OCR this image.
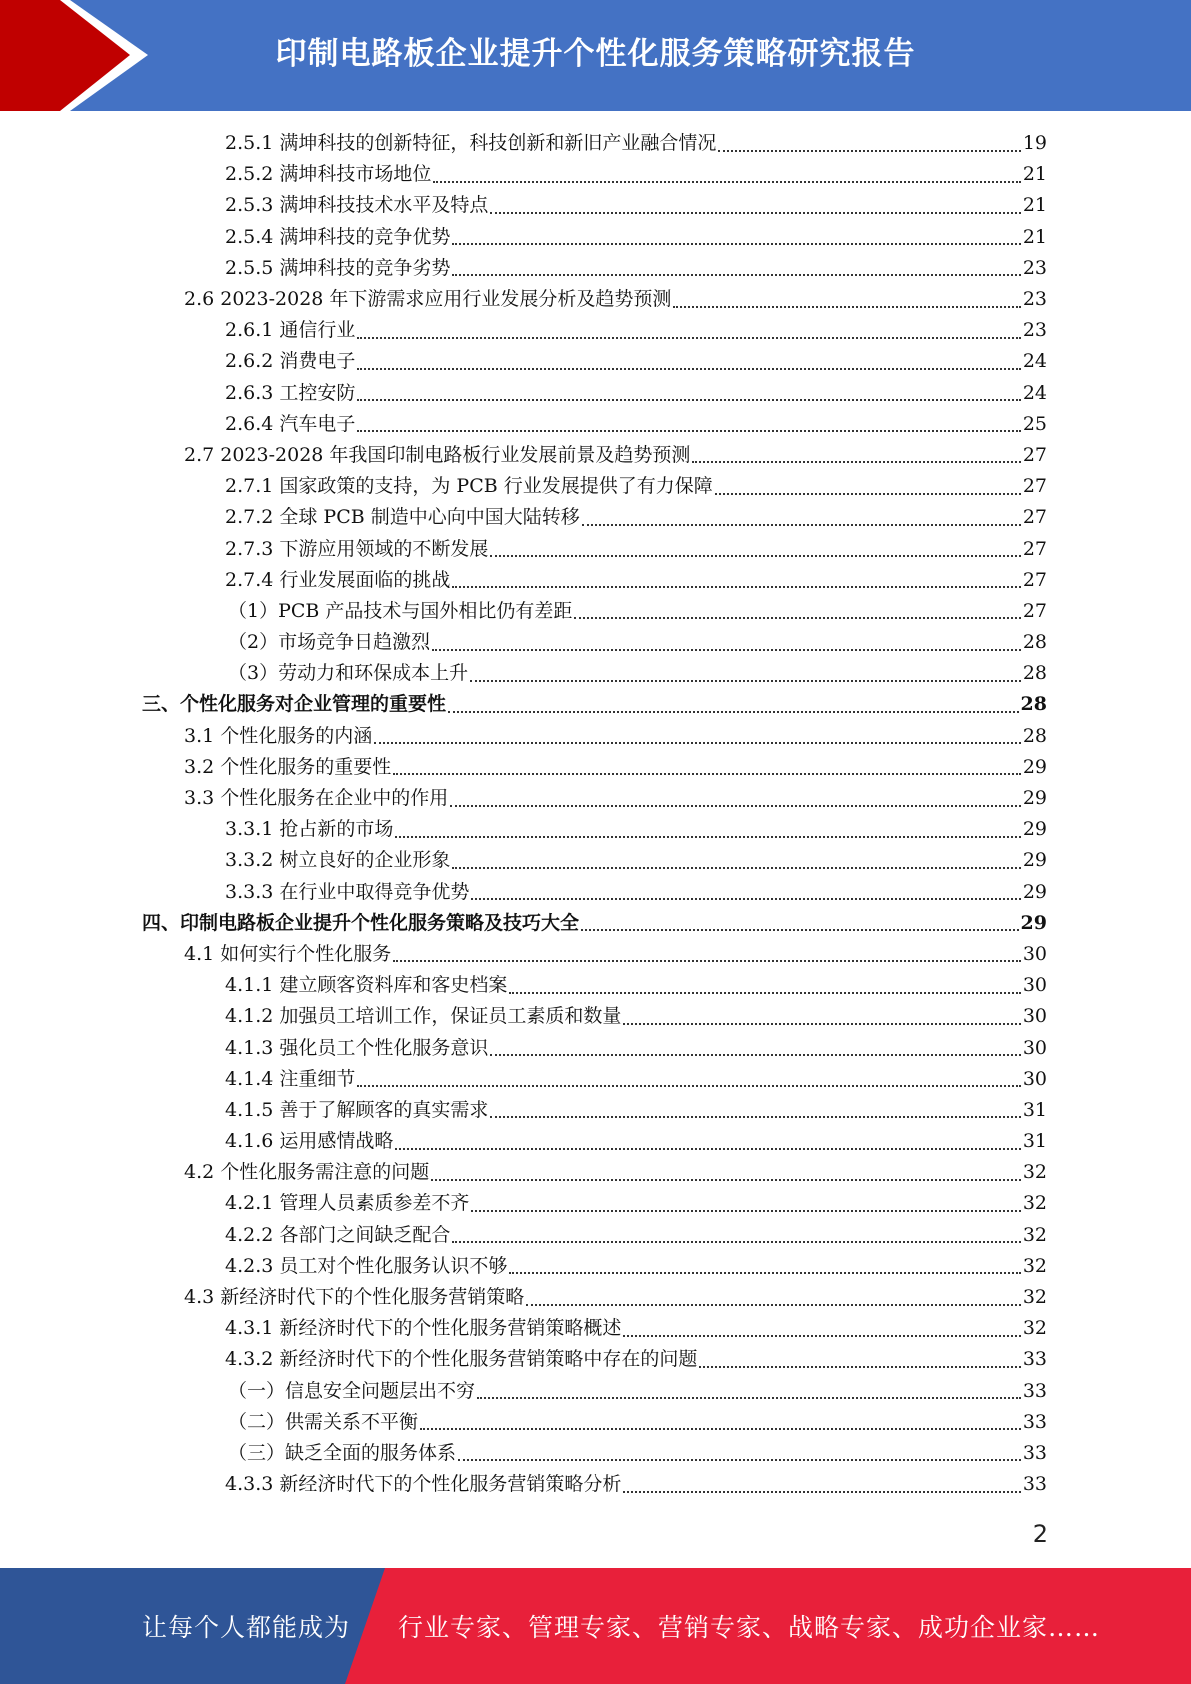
印制电路板企业提升个性化服务策略研究报告
2.5.1 满坤科技的创新特征，科技创新和新旧产业融合情况	19
2.5.2 满坤科技市场地位	21
2.5.3 满坤科技技术水平及特点	21
2.5.4 满坤科技的竞争优势	21
2.5.5 满坤科技的竞争劣势	23
2.6 2023-2028 年下游需求应用行业发展分析及趋势预测	23
2.6.1 通信行业	23
2.6.2 消费电子	24
2.6.3 工控安防	24
2.6.4 汽车电子	25
2.7 2023-2028 年我国印制电路板行业发展前景及趋势预测	27
2.7.1 国家政策的支持，为 PCB 行业发展提供了有力保障	27
2.7.2 全球 PCB 制造中心向中国大陆转移	27
2.7.3 下游应用领域的不断发展	27
2.7.4 行业发展面临的挑战	27
（1）PCB 产品技术与国外相比仍有差距	27
（2）市场竞争日趋激烈	28
（3）劳动力和环保成本上升	28
三、个性化服务对企业管理的重要性	28
3.1 个性化服务的内涵	28
3.2 个性化服务的重要性	29
3.3 个性化服务在企业中的作用	29
3.3.1 抢占新的市场	29
3.3.2 树立良好的企业形象	29
3.3.3 在行业中取得竞争优势	29
四、印制电路板企业提升个性化服务策略及技巧大全	29
4.1 如何实行个性化服务	30
4.1.1 建立顾客资料库和客史档案	30
4.1.2 加强员工培训工作，保证员工素质和数量	30
4.1.3 强化员工个性化服务意识	30
4.1.4 注重细节	30
4.1.5 善于了解顾客的真实需求	31
4.1.6 运用感情战略	31
4.2 个性化服务需注意的问题	32
4.2.1 管理人员素质参差不齐	32
4.2.2 各部门之间缺乏配合	32
4.2.3 员工对个性化服务认识不够	32
4.3 新经济时代下的个性化服务营销策略	32
4.3.1 新经济时代下的个性化服务营销策略概述	32
4.3.2 新经济时代下的个性化服务营销策略中存在的问题	33
（一）信息安全问题层出不穷	33
（二）供需关系不平衡	33
（三）缺乏全面的服务体系	33
4.3.3 新经济时代下的个性化服务营销策略分析	33
2
让每个人都能成为 行业专家、管理专家、营销专家、战略专家、成功企业家……
